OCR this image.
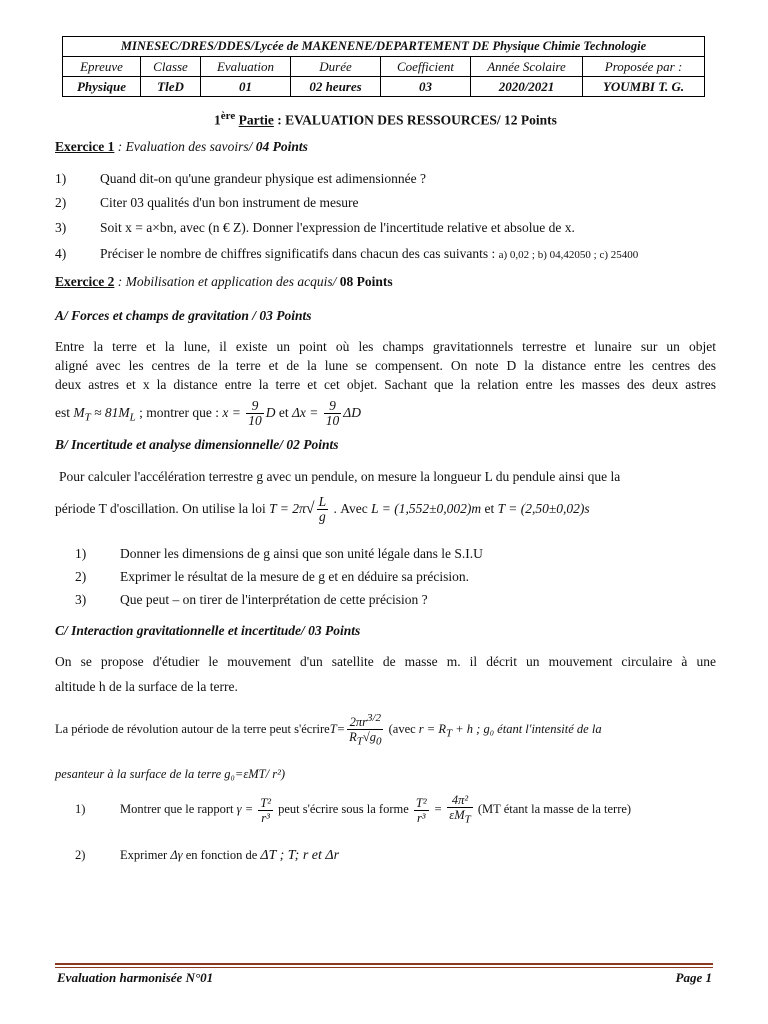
MINESEC/DRES/DDES/Lycée de MAKENENE/DEPARTEMENT DE Physique Chimie Technologie						
Epreuve	Classe	Evaluation	Durée	Coefficient	Année Scolaire	Proposée par :
Physique	TleD	01	02 heures	03	2020/2021	YOUMBI T. G.
1ère Partie : EVALUATION DES RESSOURCES/ 12 Points
Exercice 1 : Evaluation des savoirs/ 04 Points
1)	Quand dit-on qu'une grandeur physique est adimensionnée ?
2)	Citer 03 qualités d'un bon instrument de mesure
3)	Soit x = a×bn, avec (n € Z). Donner l'expression de l'incertitude relative et absolue de x.
4)	Préciser le nombre de chiffres significatifs dans chacun des cas suivants : a) 0,02 ; b) 04,42050 ; c) 25400
Exercice 2 : Mobilisation et application des acquis/ 08 Points
A/ Forces et champs de gravitation / 03 Points
Entre la terre et la lune, il existe un point où les champs gravitationnels terrestre et lunaire sur un objet
aligné avec les centres de la terre et de la lune se compensent. On note D la distance entre les centres des
deux astres et x la distance entre la terre et cet objet. Sachant que la relation entre les masses des deux astres
est $M_T \approx 81M_L$ ; montrer que : $x = \frac{9}{10}$ D et $\Delta x = \frac{9}{10}$ ΔD
B/ Incertitude et analyse dimensionnelle/ 02 Points
Pour calculer l'accélération terrestre g avec un pendule, on mesure la longueur L du pendule ainsi que la
période T d'oscillation. On utilise la loi $T = 2\pi√ \frac{L}{g}$ . Avec L = (1,552±0,002)m et T = (2,50±0,02)s
1)	Donner les dimensions de g ainsi que son unité légale dans le S.I.U
2)	Exprimer le résultat de la mesure de g et en déduire sa précision.
3)	Que peut – on tirer de l'interprétation de cette précision ?
C/ Interaction gravitationnelle et incertitude/ 03 Points
On se propose d'étudier le mouvement d'un satellite de masse m. il décrit un mouvement circulaire à une
altitude h de la surface de la terre.
La période de révolution autour de la terre peut s'écrireT= $\frac{2\pi r^{3/2}}{R_T√g_0}$ (avec $r = R_T + h$ ; g₀ étant l'intensité de la
pesanteur à la surface de la terre g₀=εMT/ r²)
1)	Montrer que le rapport $\gamma = \frac{\text{T²}}{\text{r³}}$ peut s'écrire sous la forme $\frac{\text{T²}}{\text{r³}} = \frac{\text{4π²}}{\varepsilon M_T} (MT$ étant la masse de la terre)
2)	Exprimer Δγ en fonction de ΔT ; T; r et Δr
Evaluation harmonisée N°01	Page 1
